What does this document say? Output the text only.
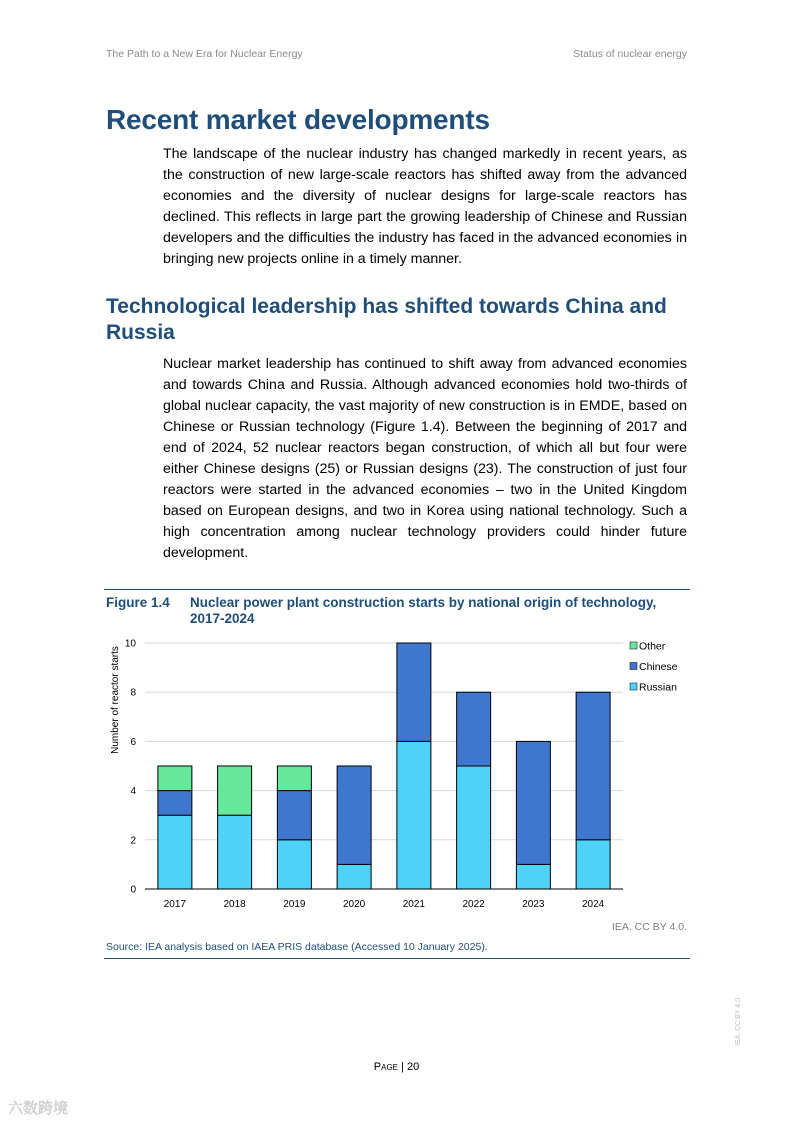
The Path to a New Era for Nuclear Energy	Status of nuclear energy
Recent market developments

The landscape of the nuclear industry has changed markedly in recent years, as the construction of new large-scale reactors has shifted away from the advanced economies and the diversity of nuclear designs for large-scale reactors has declined. This reflects in large part the growing leadership of Chinese and Russian developers and the difficulties the industry has faced in the advanced economies in bringing new projects online in a timely manner.

Technological leadership has shifted towards China and Russia

Nuclear market leadership has continued to shift away from advanced economies and towards China and Russia. Although advanced economies hold two-thirds of global nuclear capacity, the vast majority of new construction is in EMDE, based on Chinese or Russian technology (Figure 1.4). Between the beginning of 2017 and end of 2024, 52 nuclear reactors began construction, of which all but four were either Chinese designs (25) or Russian designs (23). The construction of just four reactors were started in the advanced economies – two in the United Kingdom based on European designs, and two in Korea using national technology. Such a high concentration among nuclear technology providers could hinder future development.

Figure 1.4 Nuclear power plant construction starts by national origin of technology, 2017-2024
0
2
4
6
8
10
Number of reactor starts
2017	2018	2019	2020	2021	2022	2023	2024
Other
Chinese
Russian
IEA. CC BY 4.0.
Source: IEA analysis based on IAEA PRIS database (Accessed 10 January 2025).
Page | 20
IEA. CC BY 4.0.
六数跨境
